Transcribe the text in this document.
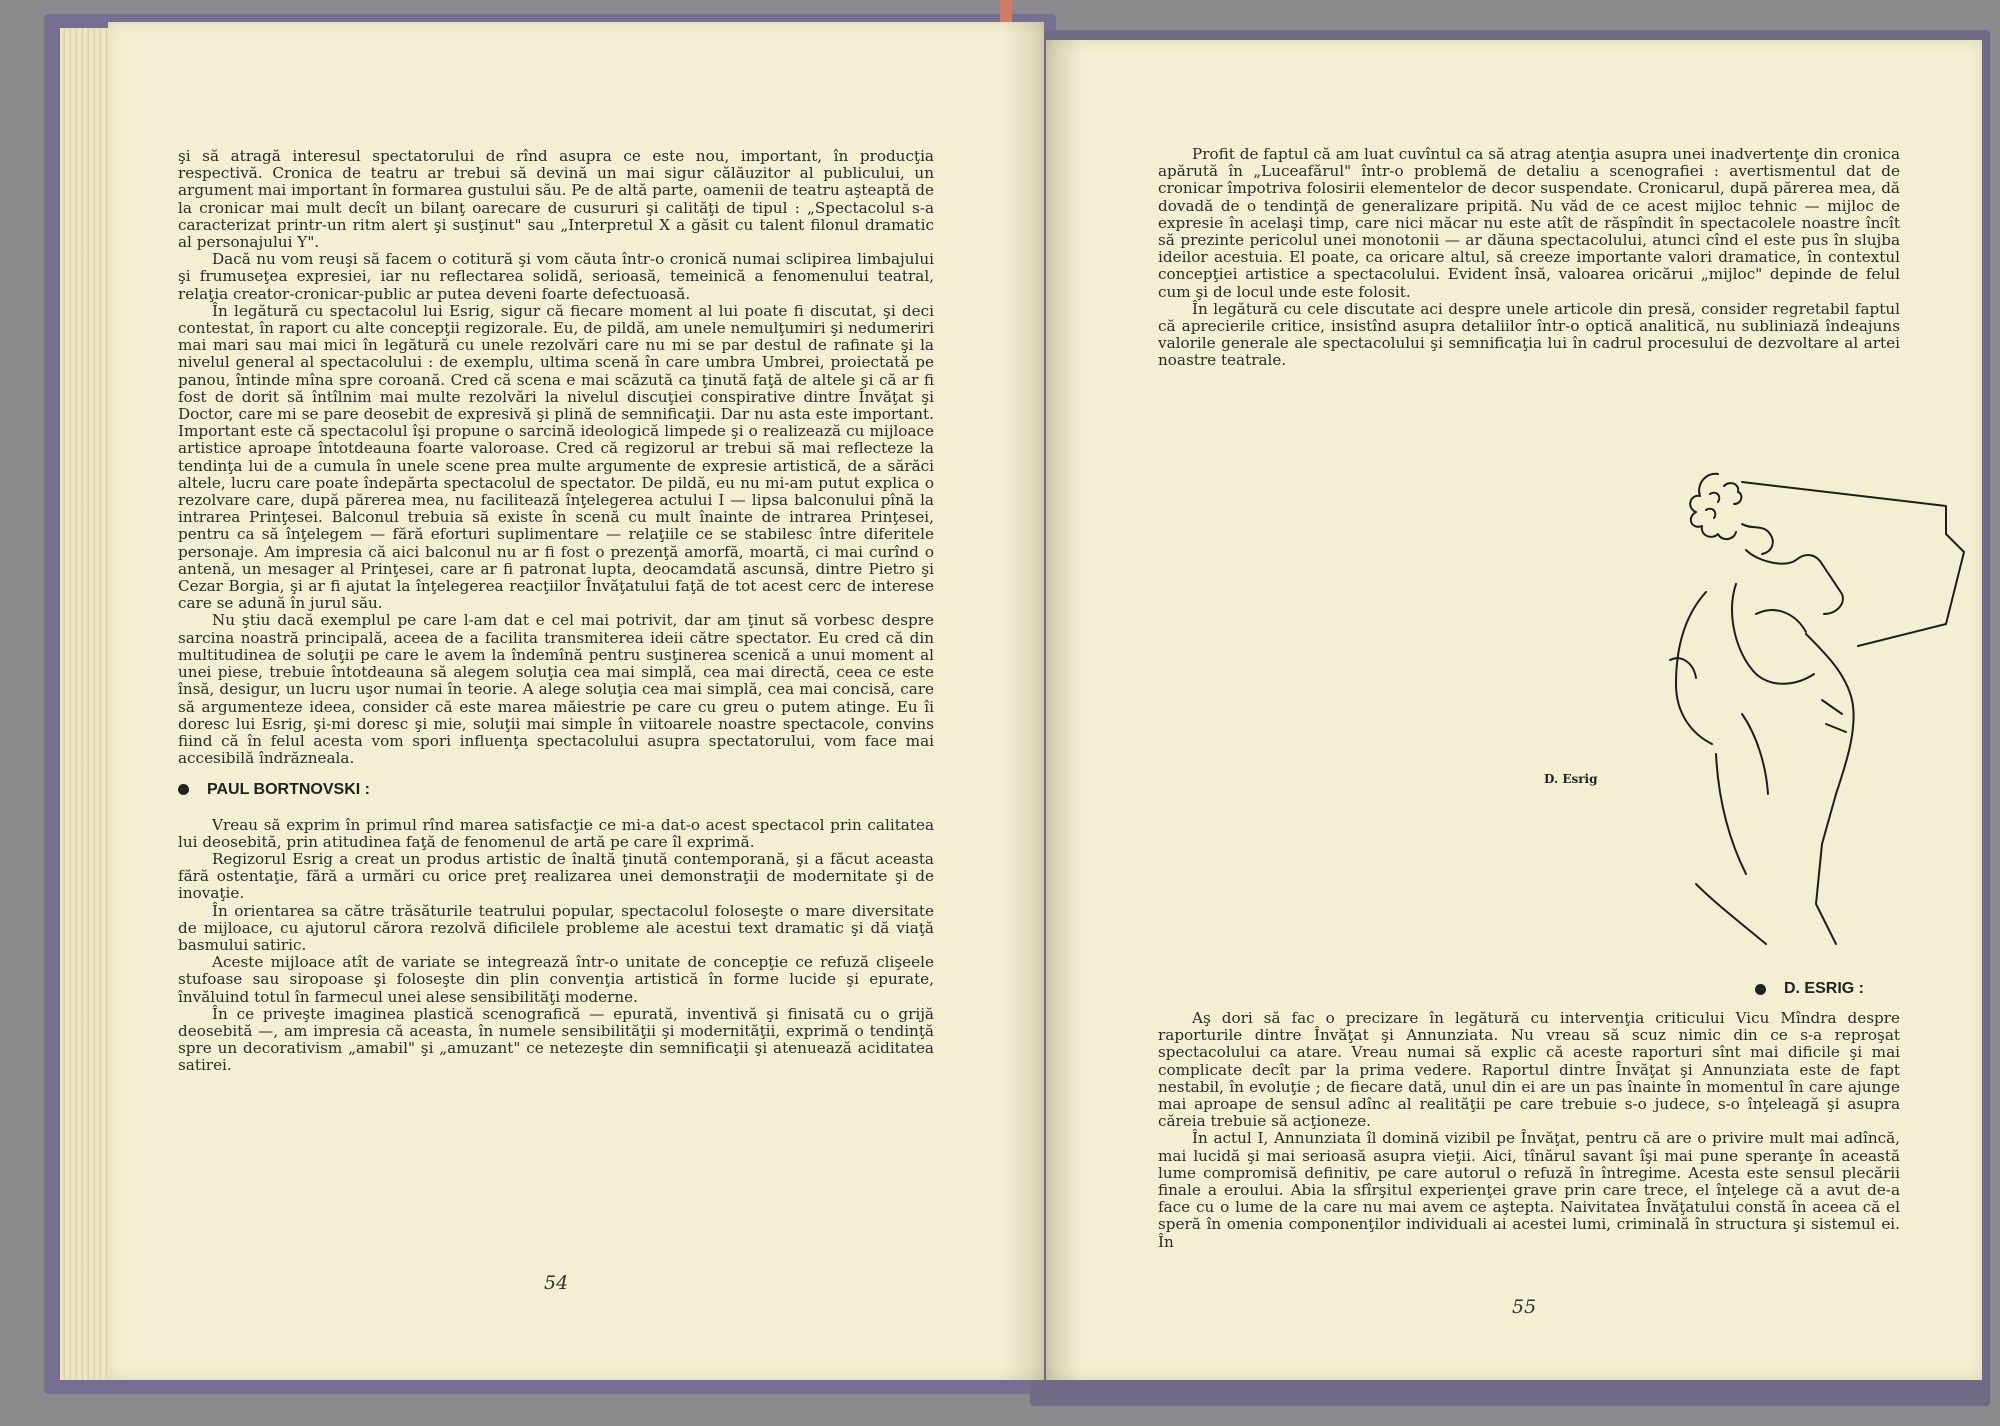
şi să atragă interesul spectatorului de rînd asupra ce este nou, important, în producţia respectivă. Cronica de teatru ar trebui să devină un mai sigur călăuzitor al publicului, un argument mai important în formarea gustului său. Pe de altă parte, oamenii de teatru aşteaptă de la cronicar mai mult decît un bilanţ oarecare de cusururi şi calităţi de tipul : „Spectacolul s-a caracterizat printr-un ritm alert şi susţinut" sau „Interpretul X a găsit cu talent filonul dramatic al personajului Y".

Dacă nu vom reuşi să facem o cotitură şi vom căuta într-o cronică numai sclipirea limbajului şi frumuseţea expresiei, iar nu reflectarea solidă, serioasă, temeinică a fenomenului teatral, relaţia creator-cronicar-public ar putea deveni foarte defectuoasă.

În legătură cu spectacolul lui Esrig, sigur că fiecare moment al lui poate fi discutat, şi deci contestat, în raport cu alte concepţii regizorale. Eu, de pildă, am unele nemulţumiri şi nedumeriri mai mari sau mai mici în legătură cu unele rezolvări care nu mi se par destul de rafinate şi la nivelul general al spectacolului : de exemplu, ultima scenă în care umbra Umbrei, proiectată pe panou, întinde mîna spre coroană. Cred că scena e mai scăzută ca ţinută faţă de altele şi că ar fi fost de dorit să întîlnim mai multe rezolvări la nivelul discuţiei conspirative dintre Învăţat şi Doctor, care mi se pare deosebit de expresivă şi plină de semnificaţii. Dar nu asta este important. Important este că spectacolul îşi propune o sarcină ideologică limpede şi o realizează cu mijloace artistice aproape întotdeauna foarte valoroase. Cred că regizorul ar trebui să mai reflecteze la tendinţa lui de a cumula în unele scene prea multe argumente de expresie artistică, de a sărăci altele, lucru care poate îndepărta spectacolul de spectator. De pildă, eu nu mi-am putut explica o rezolvare care, după părerea mea, nu facilitează înţelegerea actului I — lipsa balconului pînă la intrarea Prinţesei. Balconul trebuia să existe în scenă cu mult înainte de intrarea Prinţesei, pentru ca să înţelegem — fără eforturi suplimentare — relaţiile ce se stabilesc între diferitele personaje. Am impresia că aici balconul nu ar fi fost o prezenţă amorfă, moartă, ci mai curînd o antenă, un mesager al Prinţesei, care ar fi patronat lupta, deocamdată ascunsă, dintre Pietro şi Cezar Borgia, şi ar fi ajutat la înţelegerea reacţiilor Învăţatului faţă de tot acest cerc de interese care se adună în jurul său.

Nu ştiu dacă exemplul pe care l-am dat e cel mai potrivit, dar am ţinut să vorbesc despre sarcina noastră principală, aceea de a facilita transmiterea ideii către spectator. Eu cred că din multitudinea de soluţii pe care le avem la îndemînă pentru susţinerea scenică a unui moment al unei piese, trebuie întotdeauna să alegem soluţia cea mai simplă, cea mai directă, ceea ce este însă, desigur, un lucru uşor numai în teorie. A alege soluţia cea mai simplă, cea mai concisă, care să argumenteze ideea, consider că este marea măiestrie pe care cu greu o putem atinge. Eu îi doresc lui Esrig, şi-mi doresc şi mie, soluţii mai simple în viitoarele noastre spectacole, convins fiind că în felul acesta vom spori influenţa spectacolului asupra spectatorului, vom face mai accesibilă îndrăzneala.

PAUL BORTNOVSKI :

Vreau să exprim în primul rînd marea satisfacţie ce mi-a dat-o acest spectacol prin calitatea lui deosebită, prin atitudinea faţă de fenomenul de artă pe care îl exprimă.

Regizorul Esrig a creat un produs artistic de înaltă ţinută contemporană, şi a făcut aceasta fără ostentaţie, fără a urmări cu orice preţ realizarea unei demonstraţii de modernitate şi de inovaţie.

În orientarea sa către trăsăturile teatrului popular, spectacolul foloseşte o mare diversitate de mijloace, cu ajutorul cărora rezolvă dificilele probleme ale acestui text dramatic şi dă viaţă basmului satiric.

Aceste mijloace atît de variate se integrează într-o unitate de concepţie ce refuză clişeele stufoase sau siropoase şi foloseşte din plin convenţia artistică în forme lucide şi epurate, învăluind totul în farmecul unei alese sensibilităţi moderne.

În ce priveşte imaginea plastică scenografică — epurată, inventivă şi finisată cu o grijă deosebită —, am impresia că aceasta, în numele sensibilităţii şi modernităţii, exprimă o tendinţă spre un decorativism „amabil" şi „amuzant" ce netezeşte din semnificaţii şi atenuează aciditatea satirei.

54

Profit de faptul că am luat cuvîntul ca să atrag atenţia asupra unei inadvertenţe din cronica apărută în „Luceafărul" într-o problemă de detaliu a scenografiei : avertismentul dat de cronicar împotriva folosirii elementelor de decor suspendate. Cronicarul, după părerea mea, dă dovadă de o tendinţă de generalizare pripită. Nu văd de ce acest mijloc tehnic — mijloc de expresie în acelaşi timp, care nici măcar nu este atît de răspîndit în spectacolele noastre încît să prezinte pericolul unei monotonii — ar dăuna spectacolului, atunci cînd el este pus în slujba ideilor acestuia. El poate, ca oricare altul, să creeze importante valori dramatice, în contextul concepţiei artistice a spectacolului. Evident însă, valoarea oricărui „mijloc" depinde de felul cum şi de locul unde este folosit.

În legătură cu cele discutate aci despre unele articole din presă, consider regretabil faptul că aprecierile critice, insistînd asupra detaliilor într-o optică analitică, nu subliniază îndeajuns valorile generale ale spectacolului şi semnificaţia lui în cadrul procesului de dezvoltare al artei noastre teatrale.

D. Esrig
D. ESRIG :

Aş dori să fac o precizare în legătură cu intervenţia criticului Vicu Mîndra despre raporturile dintre Învăţat şi Annunziata. Nu vreau să scuz nimic din ce s-a reproşat spectacolului ca atare. Vreau numai să explic că aceste raporturi sînt mai dificile şi mai complicate decît par la prima vedere. Raportul dintre Învăţat şi Annunziata este de fapt nestabil, în evoluţie ; de fiecare dată, unul din ei are un pas înainte în momentul în care ajunge mai aproape de sensul adînc al realităţii pe care trebuie s-o judece, s-o înţeleagă şi asupra căreia trebuie să acţioneze.

În actul I, Annunziata îl domină vizibil pe Învăţat, pentru că are o privire mult mai adîncă, mai lucidă şi mai serioasă asupra vieţii. Aici, tînărul savant îşi mai pune speranţe în această lume compromisă definitiv, pe care autorul o refuză în întregime. Acesta este sensul plecării finale a eroului. Abia la sfîrşitul experienţei grave prin care trece, el înţelege că a avut de-a face cu o lume de la care nu mai avem ce aştepta. Naivitatea Învăţatului constă în aceea că el speră în omenia componenţilor individuali ai acestei lumi, criminală în structura şi sistemul ei. În

55
